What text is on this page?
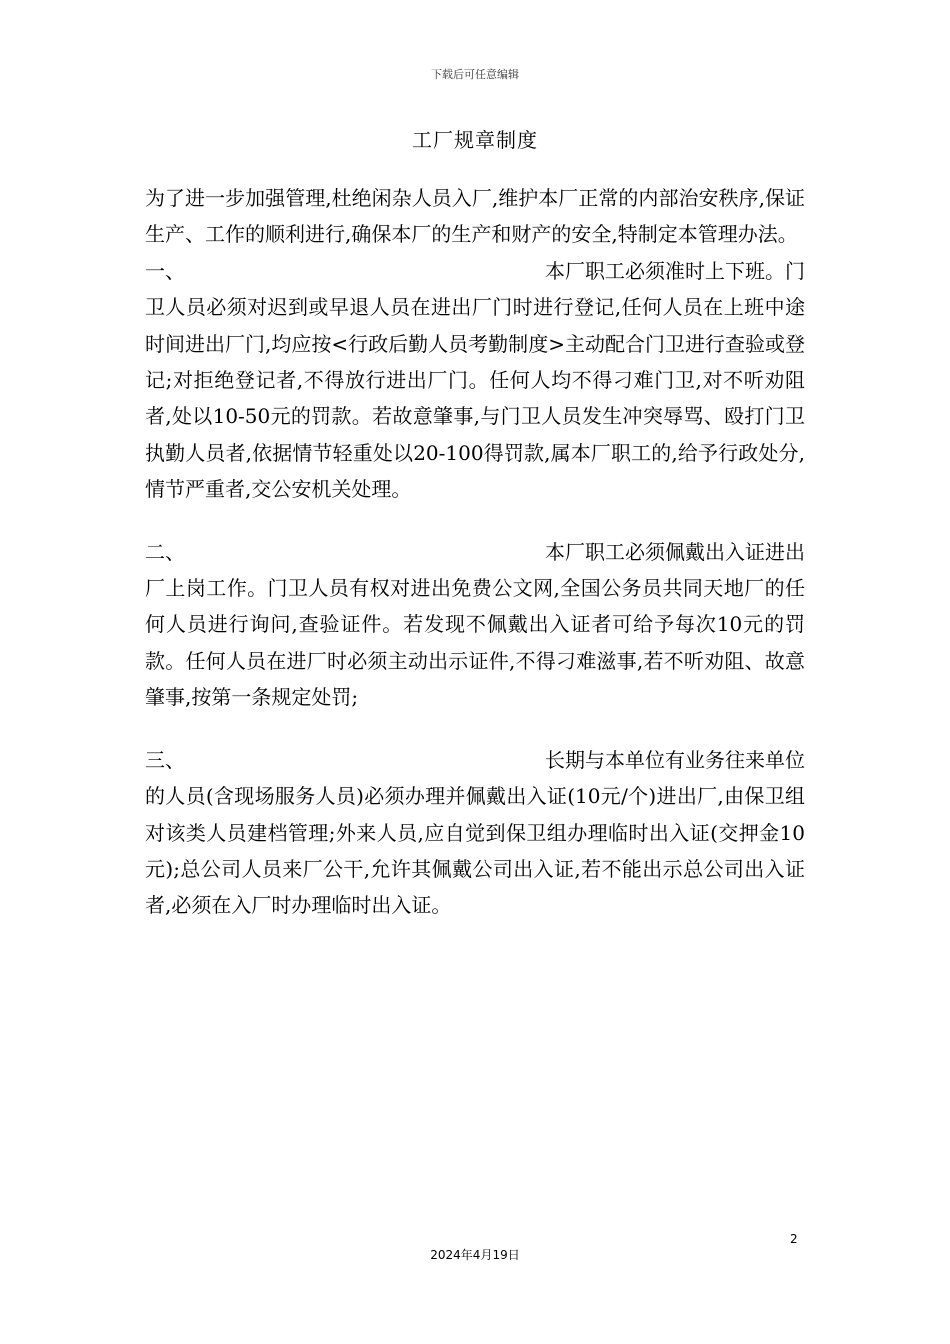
下载后可任意编辑
工厂规章制度

为了进一步加强管理,杜绝闲杂人员入厂,维护本厂正常的内部治安秩序,保证生产、工作的顺利进行,确保本厂的生产和财产的安全,特制定本管理办法。

一、	本厂职工必须准时上下班。门
卫人员必须对迟到或早退人员在进出厂门时进行登记,任何人员在上班中途时间进出厂门,均应按<行政后勤人员考勤制度>主动配合门卫进行查验或登记;对拒绝登记者,不得放行进出厂门。任何人均不得刁难门卫,对不听劝阻者,处以10-50元的罚款。若故意肇事,与门卫人员发生冲突辱骂、殴打门卫执勤人员者,依据情节轻重处以20-100得罚款,属本厂职工的,给予行政处分,情节严重者,交公安机关处理。
二、	本厂职工必须佩戴出入证进出
厂上岗工作。门卫人员有权对进出免费公文网,全国公务员共同天地厂的任何人员进行询问,查验证件。若发现不佩戴出入证者可给予每次10元的罚款。任何人员在进厂时必须主动出示证件,不得刁难滋事,若不听劝阻、故意肇事,按第一条规定处罚;
三、	长期与本单位有业务往来单位
的人员(含现场服务人员)必须办理并佩戴出入证(10元/个)进出厂,由保卫组对该类人员建档管理;外来人员,应自觉到保卫组办理临时出入证(交押金10元);总公司人员来厂公干,允许其佩戴公司出入证,若不能出示总公司出入证者,必须在入厂时办理临时出入证。
2
2024年4月19日
